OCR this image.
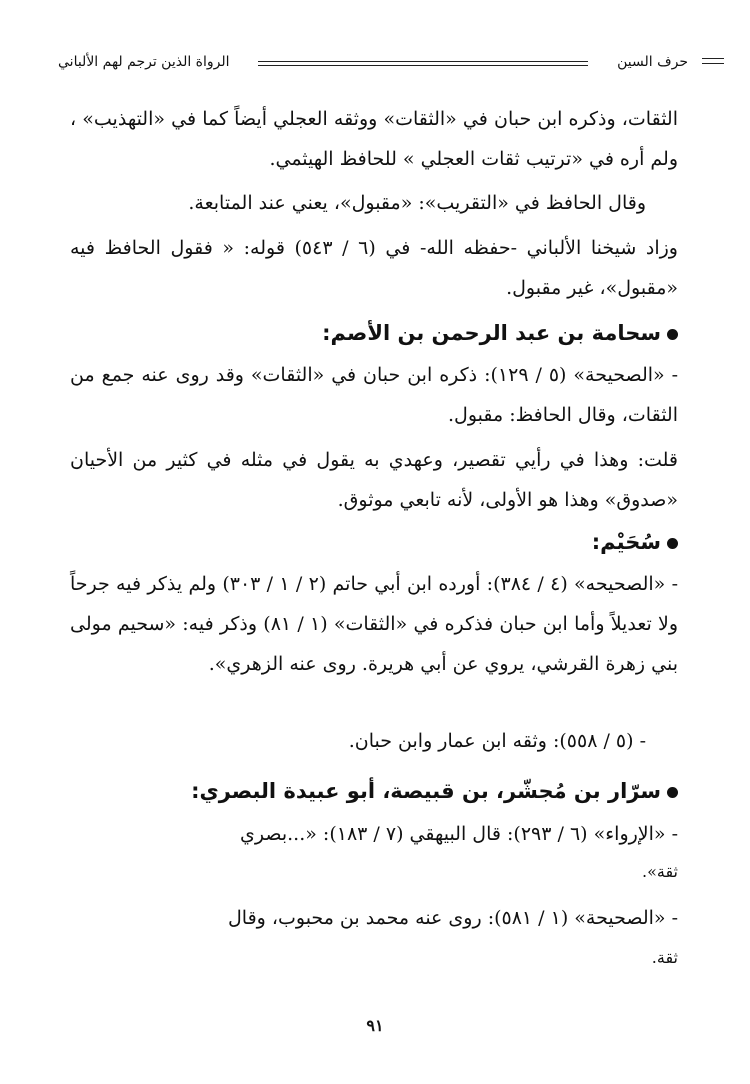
حرف السين
الرواة الذين ترجم لهم الألباني

الثقات، وذكره ابن حبان في «الثقات» ووثقه العجلي أيضاً كما في «التهذيب» ، ولم أره في «ترتيب ثقات العجلي » للحافظ الهيثمي.

وقال الحافظ في «التقريب»: «مقبول»، يعني عند المتابعة.

وزاد شيخنا الألباني -حفظه الله- في (٦ / ٥٤٣) قوله: « فقول الحافظ فيه «مقبول»، غير مقبول.

سحامة بن عبد الرحمن بن الأصم:

- «الصحيحة» (٥ / ١٢٩): ذكره ابن حبان في «الثقات» وقد روى عنه جمع من الثقات، وقال الحافظ: مقبول.

قلت: وهذا في رأيي تقصير، وعهدي به يقول في مثله في كثير من الأحيان «صدوق» وهذا هو الأولى، لأنه تابعي موثوق.

سُحَيْم:

- «الصحيحه» (٤ / ٣٨٤): أورده ابن أبي حاتم (٢ / ١ / ٣٠٣) ولم يذكر فيه جرحاً ولا تعديلاً وأما ابن حبان فذكره في «الثقات» (١ / ٨١) وذكر فيه: «سحيم مولى بني زهرة القرشي، يروي عن أبي هريرة. روى عنه الزهري».

- (٥ / ٥٥٨): وثقه ابن عمار وابن حبان.

سرّار بن مُجشّر، بن قبيصة، أبو عبيدة البصري:

- «الإرواء» (٦ / ٢٩٣): قال البيهقي (٧ / ١٨٣): «...بصري

ثقة».

- «الصحيحة» (١ / ٥٨١): روى عنه محمد بن محبوب، وقال

ثقة.

٩١
